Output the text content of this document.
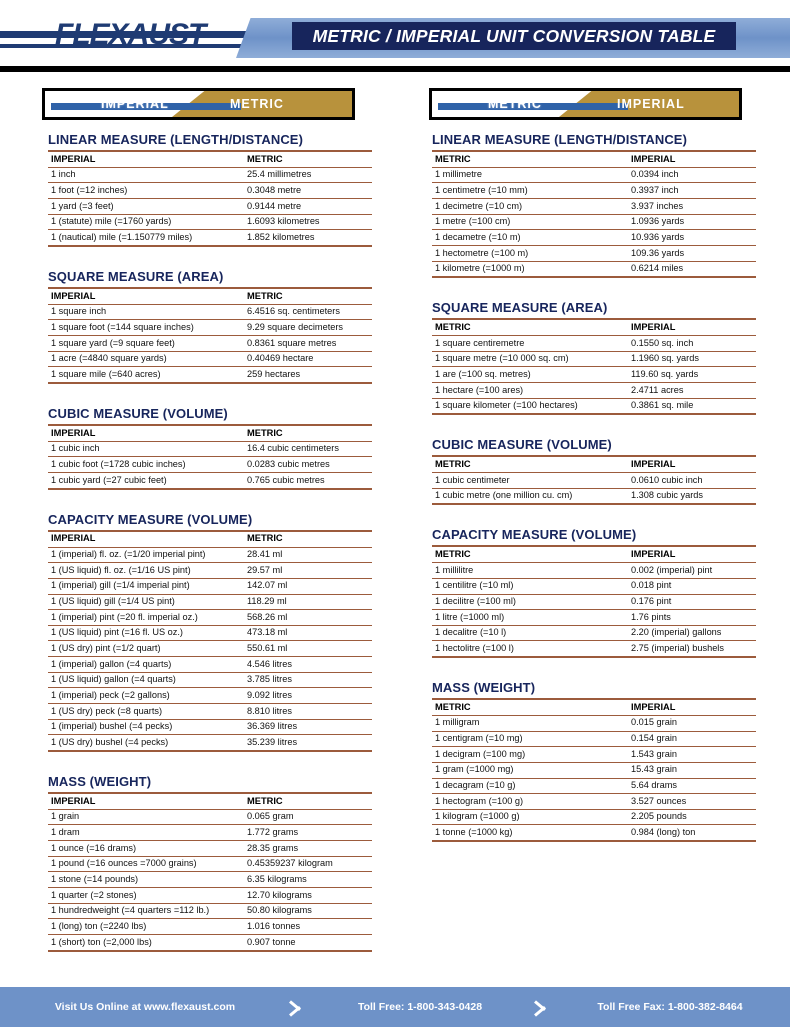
FLEXAUST	METRIC / IMPERIAL UNIT CONVERSION TABLE
IMPERIAL	METRIC	METRIC	IMPERIAL
LINEAR MEASURE (LENGTH/DISTANCE)
IMPERIAL	METRIC
1 inch	25.4 millimetres
1 foot (=12 inches)	0.3048 metre
1 yard (=3 feet)	0.9144 metre
1 (statute) mile (=1760 yards)	1.6093 kilometres
1 (nautical) mile (=1.150779 miles)	1.852 kilometres
SQUARE MEASURE (AREA)
IMPERIAL	METRIC
1 square inch	6.4516 sq. centimeters
1 square foot (=144 square inches)	9.29 square decimeters
1 square yard (=9 square feet)	0.8361 square metres
1 acre (=4840 square yards)	0.40469 hectare
1 square mile (=640 acres)	259 hectares
CUBIC MEASURE (VOLUME)
IMPERIAL	METRIC
1 cubic inch	16.4 cubic centimeters
1 cubic foot (=1728 cubic inches)	0.0283 cubic metres
1 cubic yard (=27 cubic feet)	0.765 cubic metres
CAPACITY MEASURE (VOLUME)
IMPERIAL	METRIC
1 (imperial) fl. oz. (=1/20 imperial pint)	28.41 ml
1 (US liquid) fl. oz. (=1/16 US pint)	29.57 ml
1 (imperial) gill (=1/4 imperial pint)	142.07 ml
1 (US liquid) gill (=1/4 US pint)	118.29 ml
1 (imperial) pint (=20 fl. imperial oz.)	568.26 ml
1 (US liquid) pint (=16 fl. US oz.)	473.18 ml
1 (US dry) pint (=1/2 quart)	550.61 ml
1 (imperial) gallon (=4 quarts)	4.546 litres
1 (US liquid) gallon (=4 quarts)	3.785 litres
1 (imperial) peck (=2 gallons)	9.092 litres
1 (US dry) peck (=8 quarts)	8.810 litres
1 (imperial) bushel (=4 pecks)	36.369 litres
1 (US dry) bushel (=4 pecks)	35.239 litres
MASS (WEIGHT)
IMPERIAL	METRIC
1 grain	0.065 gram
1 dram	1.772 grams
1 ounce (=16 drams)	28.35 grams
1 pound (=16 ounces =7000 grains)	0.45359237 kilogram
1 stone (=14 pounds)	6.35 kilograms
1 quarter (=2 stones)	12.70 kilograms
1 hundredweight (=4 quarters =112 lb.)	50.80 kilograms
1 (long) ton (=2240 lbs)	1.016 tonnes
1 (short) ton (=2,000 lbs)	0.907 tonne
LINEAR MEASURE (LENGTH/DISTANCE)
METRIC	IMPERIAL
1 millimetre	0.0394 inch
1 centimetre (=10 mm)	0.3937 inch
1 decimetre (=10 cm)	3.937 inches
1 metre (=100 cm)	1.0936 yards
1 decametre (=10 m)	10.936 yards
1 hectometre (=100 m)	109.36 yards
1 kilometre (=1000 m)	0.6214 miles
SQUARE MEASURE (AREA)
METRIC	IMPERIAL
1 square centiremetre	0.1550 sq. inch
1 square metre (=10 000 sq. cm)	1.1960 sq. yards
1 are (=100 sq. metres)	119.60 sq. yards
1 hectare (=100 ares)	2.4711 acres
1 square kilometer (=100 hectares)	0.3861 sq. mile
CUBIC MEASURE (VOLUME)
METRIC	IMPERIAL
1 cubic centimeter	0.0610 cubic inch
1 cubic metre (one million cu. cm)	1.308 cubic yards
CAPACITY MEASURE (VOLUME)
METRIC	IMPERIAL
1 millilitre	0.002 (imperial) pint
1 centilitre (=10 ml)	0.018 pint
1 decilitre (=100 ml)	0.176 pint
1 litre (=1000 ml)	1.76 pints
1 decalitre (=10 l)	2.20 (imperial) gallons
1 hectolitre (=100 l)	2.75 (imperial) bushels
MASS (WEIGHT)
METRIC	IMPERIAL
1 milligram	0.015 grain
1 centigram (=10 mg)	0.154 grain
1 decigram (=100 mg)	1.543 grain
1 gram (=1000 mg)	15.43 grain
1 decagram (=10 g)	5.64 drams
1 hectogram (=100 g)	3.527 ounces
1 kilogram (=1000 g)	2.205 pounds
1 tonne (=1000 kg)	0.984 (long) ton
Visit Us Online at www.flexaust.com	Toll Free: 1-800-343-0428	Toll Free Fax: 1-800-382-8464
